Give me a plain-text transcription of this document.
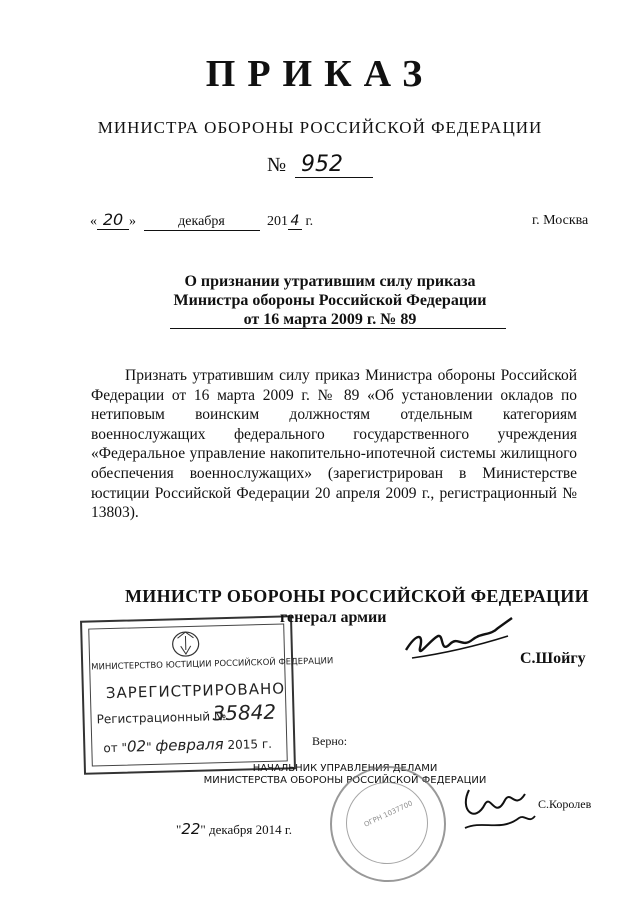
ПРИКАЗ
МИНИСТРА ОБОРОНЫ РОССИЙСКОЙ ФЕДЕРАЦИИ
№ 952
« 20 »	декабря	201 4 г.	г. Москва
О признании утратившим силу приказа
Министра обороны Российской Федерации
от 16 марта 2009 г. № 89

Признать утратившим силу приказ Министра обороны Российской Федерации от 16 марта 2009 г. № 89 «Об установлении окладов по нетиповым воинским должностям отдельным категориям военнослужащих федерального государственного учреждения «Федеральное управление накопительно-ипотечной системы жилищного обеспечения военнослужащих» (зарегистрирован в Министерстве юстиции Российской Федерации 20 апреля 2009 г., регистрационный № 13803).

МИНИСТЕРСТВО ЮСТИЦИИ РОССИЙСКОЙ ФЕДЕРАЦИИ
ЗАРЕГИСТРИРОВАНО
Регистрационный №
35842
от "02" февраля 2015 г.
МИНИСТР ОБОРОНЫ РОССИЙСКОЙ ФЕДЕРАЦИИ
генерал армии
С.Шойгу
Верно:
НАЧАЛЬНИК УПРАВЛЕНИЯ ДЕЛАМИ
МИНИСТЕРСТВА ОБОРОНЫ РОССИЙСКОЙ ФЕДЕРАЦИИ
ОГРН 1037700	С.Королев
"22" декабря 2014 г.
